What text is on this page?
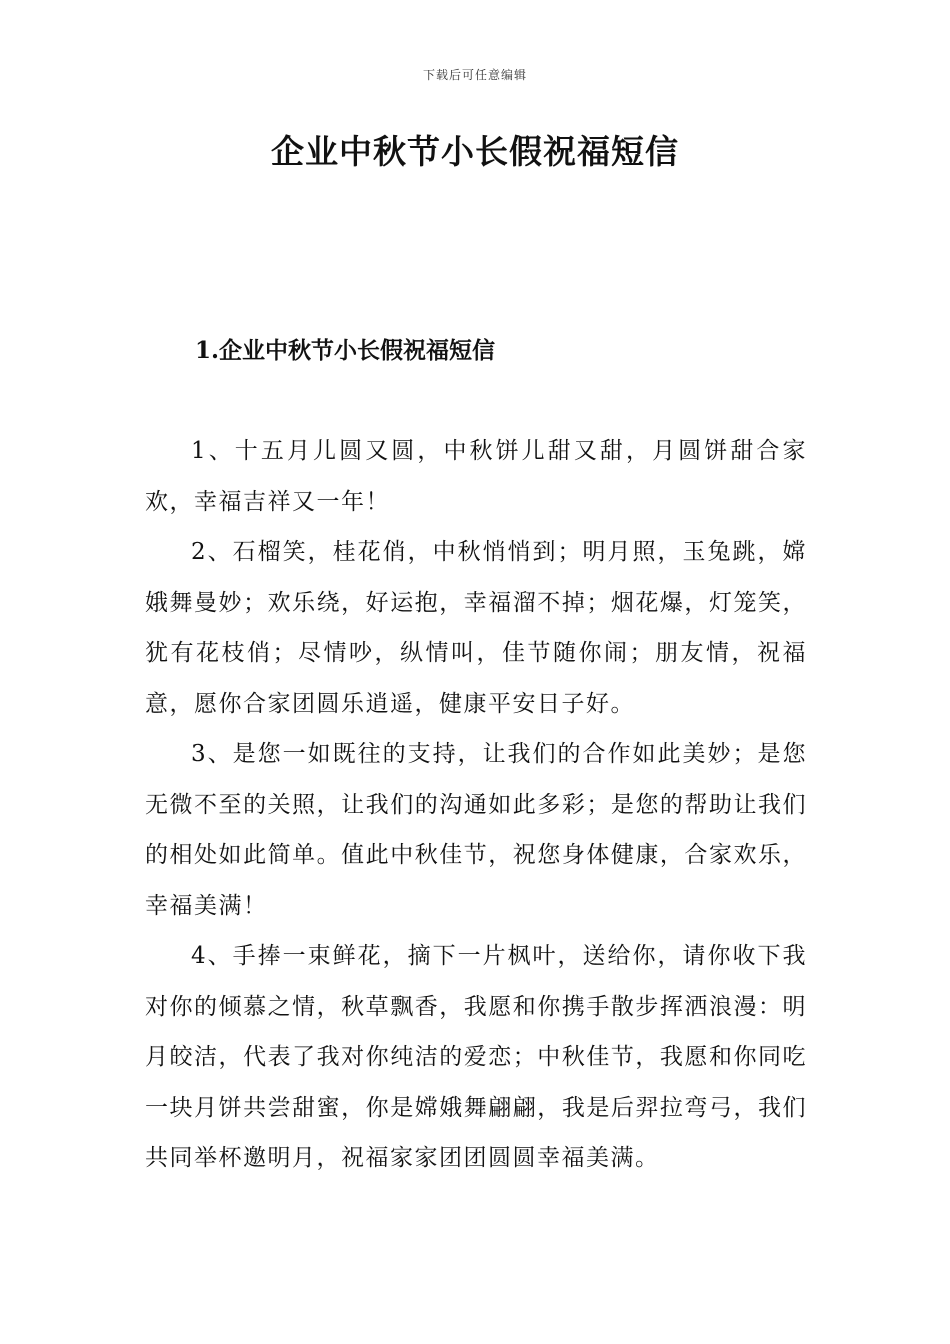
下载后可任意编辑
企业中秋节小长假祝福短信
1.企业中秋节小长假祝福短信

1、十五月儿圆又圆，中秋饼儿甜又甜，月圆饼甜合家欢，幸福吉祥又一年！

2、石榴笑，桂花俏，中秋悄悄到；明月照，玉兔跳，嫦娥舞曼妙；欢乐绕，好运抱，幸福溜不掉；烟花爆，灯笼笑，犹有花枝俏；尽情吵，纵情叫，佳节随你闹；朋友情，祝福意，愿你合家团圆乐逍遥，健康平安日子好。

3、是您一如既往的支持，让我们的合作如此美妙；是您无微不至的关照，让我们的沟通如此多彩；是您的帮助让我们的相处如此简单。值此中秋佳节，祝您身体健康，合家欢乐，幸福美满！

4、手捧一束鲜花，摘下一片枫叶，送给你，请你收下我对你的倾慕之情，秋草飘香，我愿和你携手散步挥洒浪漫：明月皎洁，代表了我对你纯洁的爱恋；中秋佳节，我愿和你同吃一块月饼共尝甜蜜，你是嫦娥舞翩翩，我是后羿拉弯弓，我们共同举杯邀明月，祝福家家团团圆圆幸福美满。
